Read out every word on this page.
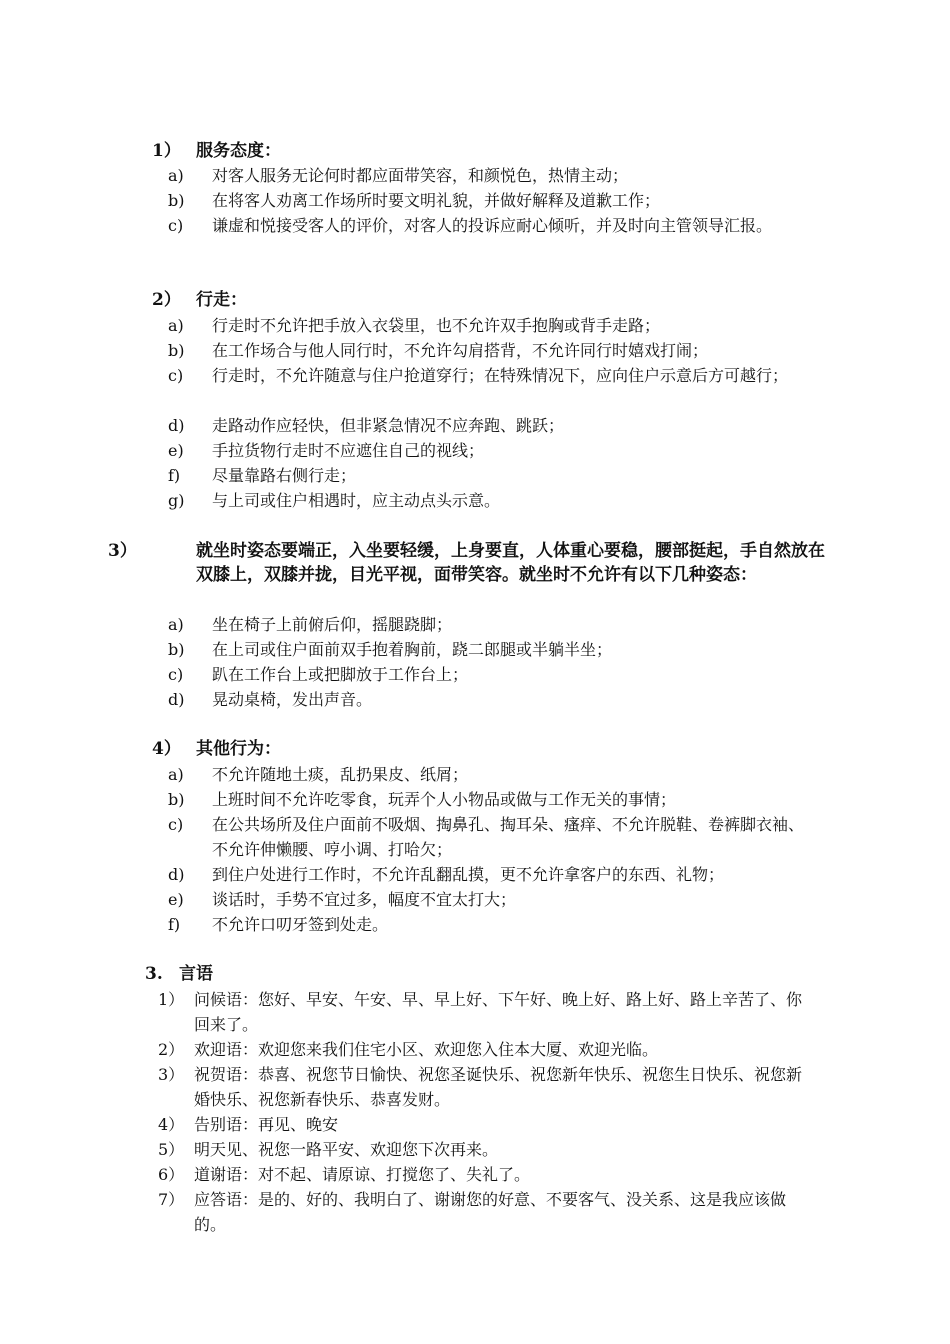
1） 服务态度：
a) 对客人服务无论何时都应面带笑容，和颜悦色，热情主动；
b) 在将客人劝离工作场所时要文明礼貌，并做好解释及道歉工作；
c) 谦虚和悦接受客人的评价，对客人的投诉应耐心倾听，并及时向主管领导汇报。
2） 行走：
a) 行走时不允许把手放入衣袋里，也不允许双手抱胸或背手走路；
b) 在工作场合与他人同行时，不允许勾肩搭背，不允许同行时嬉戏打闹；
c) 行走时，不允许随意与住户抢道穿行；在特殊情况下，应向住户示意后方可越行；
d) 走路动作应轻快，但非紧急情况不应奔跑、跳跃；
e) 手拉货物行走时不应遮住自己的视线；
f) 尽量靠路右侧行走；
g) 与上司或住户相遇时，应主动点头示意。
3）	就坐时姿态要端正，入坐要轻缓，上身要直，人体重心要稳，腰部挺起，手自然放在双膝上，双膝并拢，目光平视，面带笑容。就坐时不允许有以下几种姿态：
a) 坐在椅子上前俯后仰，摇腿跷脚；
b) 在上司或住户面前双手抱着胸前，跷二郎腿或半躺半坐；
c) 趴在工作台上或把脚放于工作台上；
d) 晃动桌椅，发出声音。
4） 其他行为：
a) 不允许随地土痰，乱扔果皮、纸屑；
b) 上班时间不允许吃零食，玩弄个人小物品或做与工作无关的事情；
c) 在公共场所及住户面前不吸烟、掏鼻孔、掏耳朵、瘙痒、不允许脱鞋、卷裤脚衣袖、不允许伸懒腰、哼小调、打哈欠；
d) 到住户处进行工作时，不允许乱翻乱摸，更不允许拿客户的东西、礼物；
e) 谈话时，手势不宜过多，幅度不宜太打大；
f) 不允许口叨牙签到处走。
3. 言语
1） 问候语：您好、早安、午安、早、早上好、下午好、晚上好、路上好、路上辛苦了、你回来了。
2） 欢迎语：欢迎您来我们住宅小区、欢迎您入住本大厦、欢迎光临。
3） 祝贺语：恭喜、祝您节日愉快、祝您圣诞快乐、祝您新年快乐、祝您生日快乐、祝您新婚快乐、祝您新春快乐、恭喜发财。
4） 告别语：再见、晚安
5） 明天见、祝您一路平安、欢迎您下次再来。
6） 道谢语：对不起、请原谅、打搅您了、失礼了。
7） 应答语：是的、好的、我明白了、谢谢您的好意、不要客气、没关系、这是我应该做的。
